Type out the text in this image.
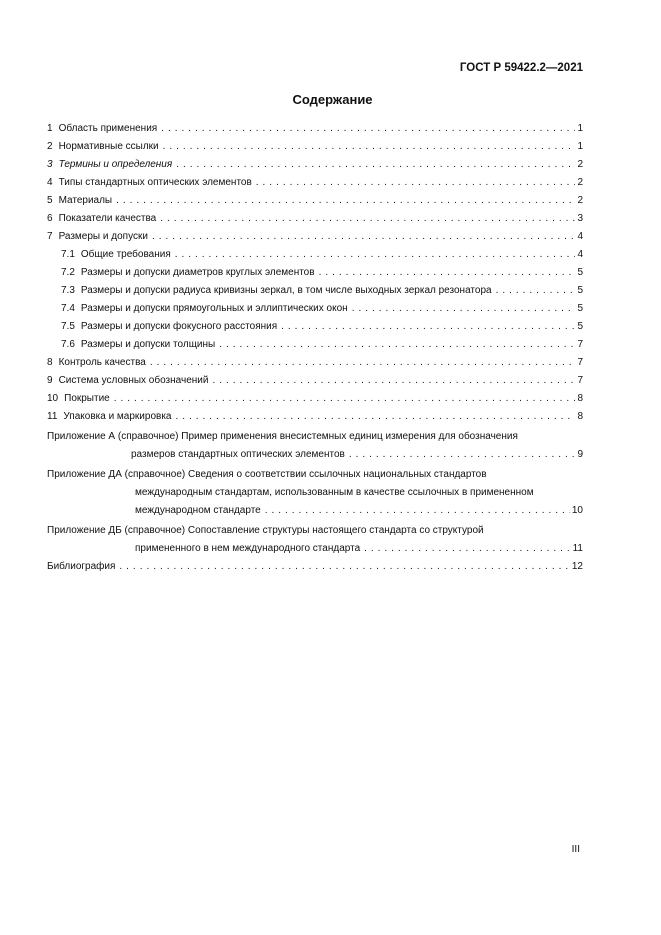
ГОСТ Р 59422.2—2021
Содержание
1 Область применения . . .	1
2 Нормативные ссылки . . .	1
3 Термины и определения . . .	2
4 Типы стандартных оптических элементов . . .	2
5 Материалы . . .	2
6 Показатели качества . . .	3
7 Размеры и допуски . . .	4
7.1 Общие требования . . .	4
7.2 Размеры и допуски диаметров круглых элементов . . .	5
7.3 Размеры и допуски радиуса кривизны зеркал, в том числе выходных зеркал резонатора . . .	5
7.4 Размеры и допуски прямоугольных и эллиптических окон . . .	5
7.5 Размеры и допуски фокусного расстояния . . .	5
7.6 Размеры и допуски толщины . . .	7
8 Контроль качества . . .	7
9 Система условных обозначений . . .	7
10 Покрытие . . .	8
11 Упаковка и маркировка . . .	8
Приложение А (справочное) Пример применения внесистемных единиц измерения для обозначения
размеров стандартных оптических элементов . . .	9
Приложение ДА (справочное) Сведения о соответствии ссылочных национальных стандартов
международным стандартам, использованным в качестве ссылочных в примененном
международном стандарте . . .	10
Приложение ДБ (справочное) Сопоставление структуры настоящего стандарта со структурой
примененного в нем международного стандарта . . .	11
Библиография . . .	12
III
